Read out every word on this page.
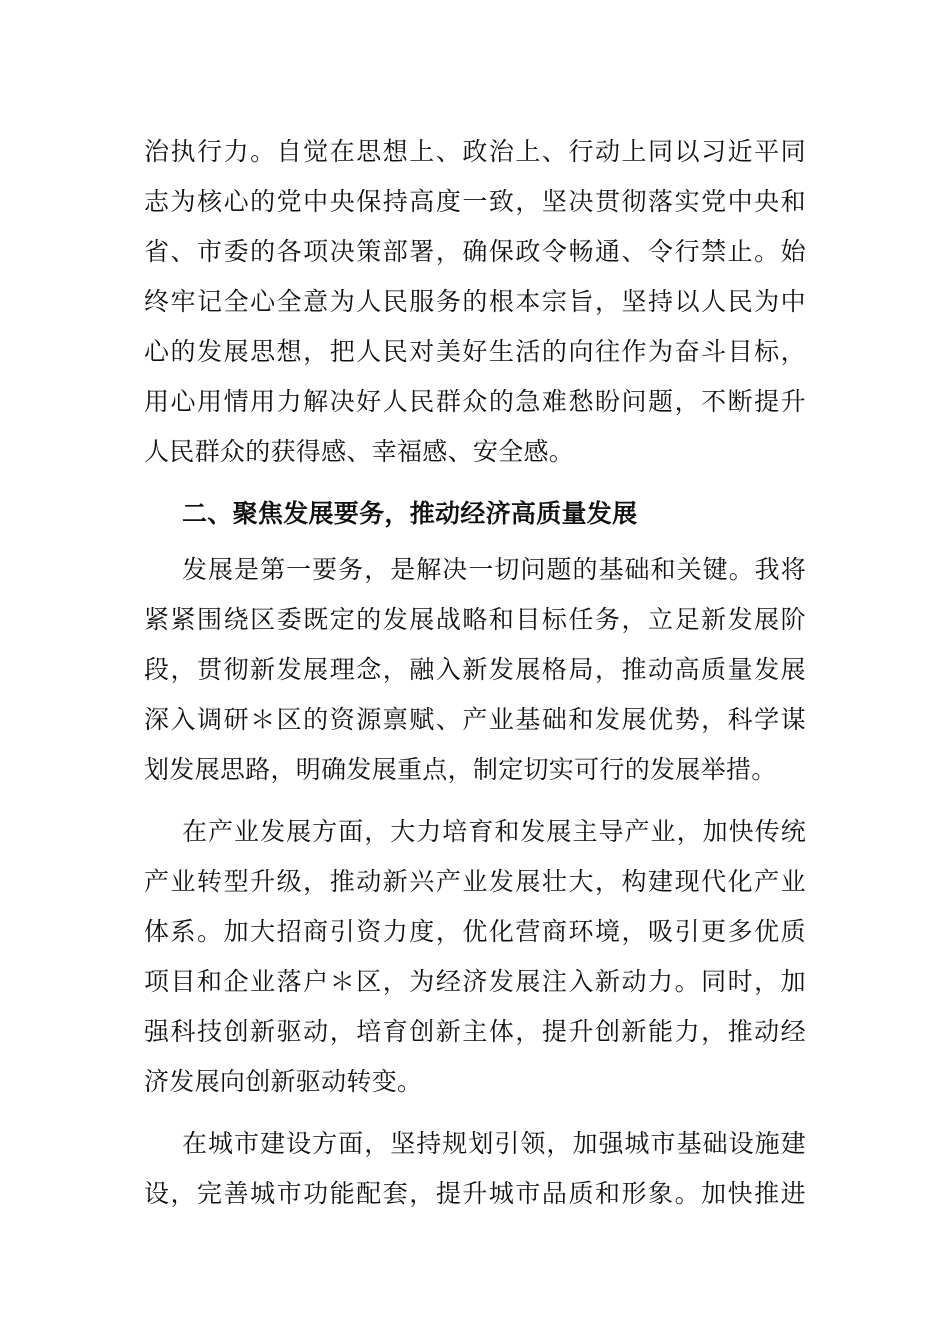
治执行力。自觉在思想上、政治上、行动上同以习近平同
志为核心的党中央保持高度一致，坚决贯彻落实党中央和
省、市委的各项决策部署，确保政令畅通、令行禁止。始
终牢记全心全意为人民服务的根本宗旨，坚持以人民为中
心的发展思想，把人民对美好生活的向往作为奋斗目标，
用心用情用力解决好人民群众的急难愁盼问题，不断提升
人民群众的获得感、幸福感、安全感。
二、聚焦发展要务，推动经济高质量发展
发展是第一要务，是解决一切问题的基础和关键。我将
紧紧围绕区委既定的发展战略和目标任务，立足新发展阶
段，贯彻新发展理念，融入新发展格局，推动高质量发展
深入调研＊区的资源禀赋、产业基础和发展优势，科学谋
划发展思路，明确发展重点，制定切实可行的发展举措。
在产业发展方面，大力培育和发展主导产业，加快传统
产业转型升级，推动新兴产业发展壮大，构建现代化产业
体系。加大招商引资力度，优化营商环境，吸引更多优质
项目和企业落户＊区，为经济发展注入新动力。同时，加
强科技创新驱动，培育创新主体，提升创新能力，推动经
济发展向创新驱动转变。
在城市建设方面，坚持规划引领，加强城市基础设施建
设，完善城市功能配套，提升城市品质和形象。加快推进
